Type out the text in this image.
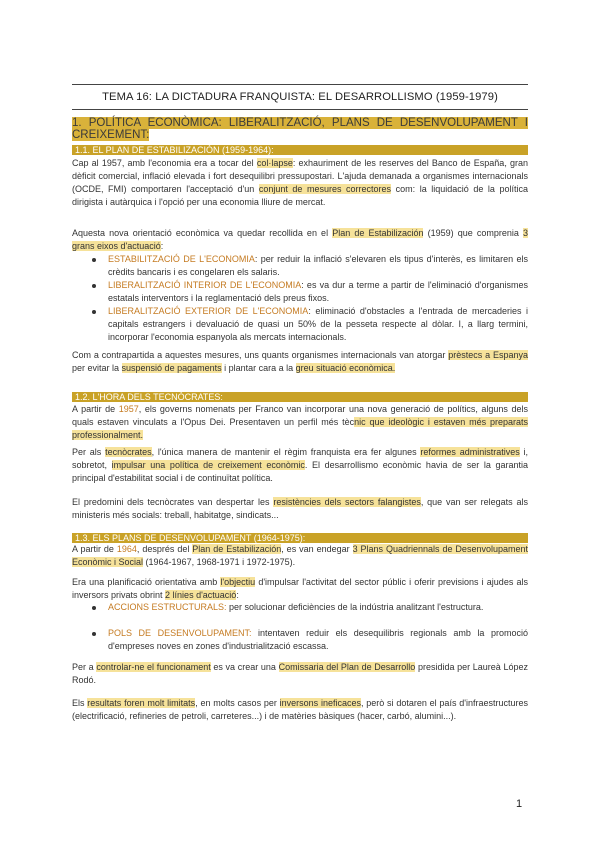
TEMA 16: LA DICTADURA FRANQUISTA: EL DESARROLLISMO (1959-1979)
1. POLÍTICA ECONÒMICA: LIBERALITZACIÓ, PLANS DE DESENVOLUPAMENT I CREIXEMENT:
1.1. EL PLAN DE ESTABILIZACIÓN (1959-1964):
Cap al 1957, amb l'economia era a tocar del col·lapse: exhauriment de les reserves del Banco de España, gran dèficit comercial, inflació elevada i fort desequilibri pressupostari. L'ajuda demanada a organismes internacionals (OCDE, FMI) comportaren l'acceptació d'un conjunt de mesures correctores com: la liquidació de la política dirigista i autàrquica i l'opció per una economia lliure de mercat.
Aquesta nova orientació econòmica va quedar recollida en el Plan de Estabilización (1959) que comprenia 3 grans eixos d'actuació:
ESTABILITZACIÓ DE L'ECONOMIA: per reduir la inflació s'elevaren els tipus d'interès, es limitaren els crèdits bancaris i es congelaren els salaris.
LIBERALITZACIÓ INTERIOR DE L'ECONOMIA: es va dur a terme a partir de l'eliminació d'organismes estatals interventors i la reglamentació dels preus fixos.
LIBERALITZACIÓ EXTERIOR DE L'ECONOMIA: eliminació d'obstacles a l'entrada de mercaderies i capitals estrangers i devaluació de quasi un 50% de la pesseta respecte al dòlar. I, a llarg termini, incorporar l'economia espanyola als mercats internacionals.
Com a contrapartida a aquestes mesures, uns quants organismes internacionals van atorgar prèstecs a Espanya per evitar la suspensió de pagaments i plantar cara a la greu situació econòmica.
1.2. L'HORA DELS TECNÒCRATES:
A partir de 1957, els governs nomenats per Franco van incorporar una nova generació de polítics, alguns dels quals estaven vinculats a l'Opus Dei. Presentaven un perfil més tècnic que ideològic i estaven més preparats professionalment.
Per als tecnòcrates, l'única manera de mantenir el règim franquista era fer algunes reformes administratives i, sobretot, impulsar una política de creixement econòmic. El desarrollismo econòmic havia de ser la garantia principal d'estabilitat social i de continuïtat política.
El predomini dels tecnòcrates van despertar les resistències dels sectors falangistes, que van ser relegats als ministeris més socials: treball, habitatge, sindicats...
1.3. ELS PLANS DE DESENVOLUPAMENT (1964-1975):
A partir de 1964, després del Plan de Estabilización, es van endegar 3 Plans Quadriennals de Desenvolupament Econòmic i Social (1964-1967, 1968-1971 i 1972-1975).
Era una planificació orientativa amb l'objectiu d'impulsar l'activitat del sector públic i oferir previsions i ajudes als inversors privats obrint 2 línies d'actuació:
ACCIONS ESTRUCTURALS: per solucionar deficiències de la indústria analitzant l'estructura.
POLS DE DESENVOLUPAMENT: intentaven reduir els desequilibris regionals amb la promoció d'empreses noves en zones d'industrialització escassa.
Per a controlar-ne el funcionament es va crear una Comissaria del Plan de Desarrollo presidida per Laureà López Rodó.
Els resultats foren molt limitats, en molts casos per inversons ineficaces, però si dotaren el país d'infraestructures (electrificació, refineries de petroli, carreteres...) i de matèries bàsiques (hacer, carbó, alumini...).
1
